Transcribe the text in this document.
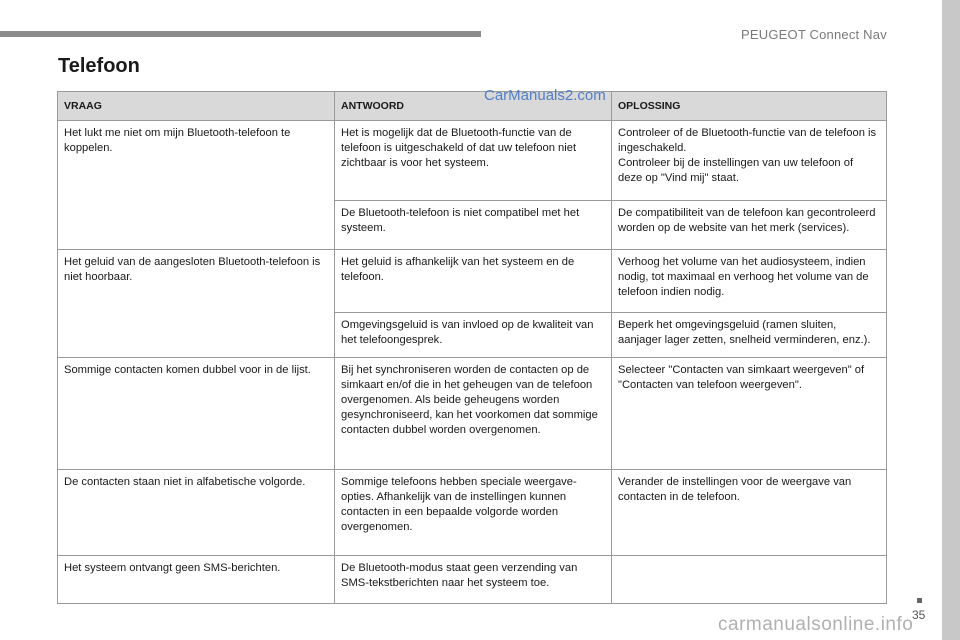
PEUGEOT Connect Nav
Telefoon
VRAAG	ANTWOORD	OPLOSSING
Het lukt me niet om mijn Bluetooth-telefoon te koppelen.	Het is mogelijk dat de Bluetooth-functie van de telefoon is uitgeschakeld of dat uw telefoon niet zichtbaar is voor het systeem.	Controleer of de Bluetooth-functie van de telefoon is ingeschakeld.
Controleer bij de instellingen van uw telefoon of deze op "Vind mij" staat.
	De Bluetooth-telefoon is niet compatibel met het systeem.	De compatibiliteit van de telefoon kan gecontroleerd worden op de website van het merk (services).
Het geluid van de aangesloten Bluetooth-telefoon is niet hoorbaar.	Het geluid is afhankelijk van het systeem en de telefoon.	Verhoog het volume van het audiosysteem, indien nodig, tot maximaal en verhoog het volume van de telefoon indien nodig.
	Omgevingsgeluid is van invloed op de kwaliteit van het telefoongesprek.	Beperk het omgevingsgeluid (ramen sluiten, aanjager lager zetten, snelheid verminderen, enz.).
Sommige contacten komen dubbel voor in de lijst.	Bij het synchroniseren worden de contacten op de simkaart en/of die in het geheugen van de telefoon overgenomen. Als beide geheugens worden gesynchroniseerd, kan het voorkomen dat sommige contacten dubbel worden overgenomen.	Selecteer "Contacten van simkaart weergeven" of "Contacten van telefoon weergeven".
De contacten staan niet in alfabetische volgorde.	Sommige telefoons hebben speciale weergave-opties. Afhankelijk van de instellingen kunnen contacten in een bepaalde volgorde worden overgenomen.	Verander de instellingen voor de weergave van contacten in de telefoon.
Het systeem ontvangt geen SMS-berichten.	De Bluetooth-modus staat geen verzending van SMS-tekstberichten naar het systeem toe.	
CarManuals2.com
35
carmanualsonline.info
